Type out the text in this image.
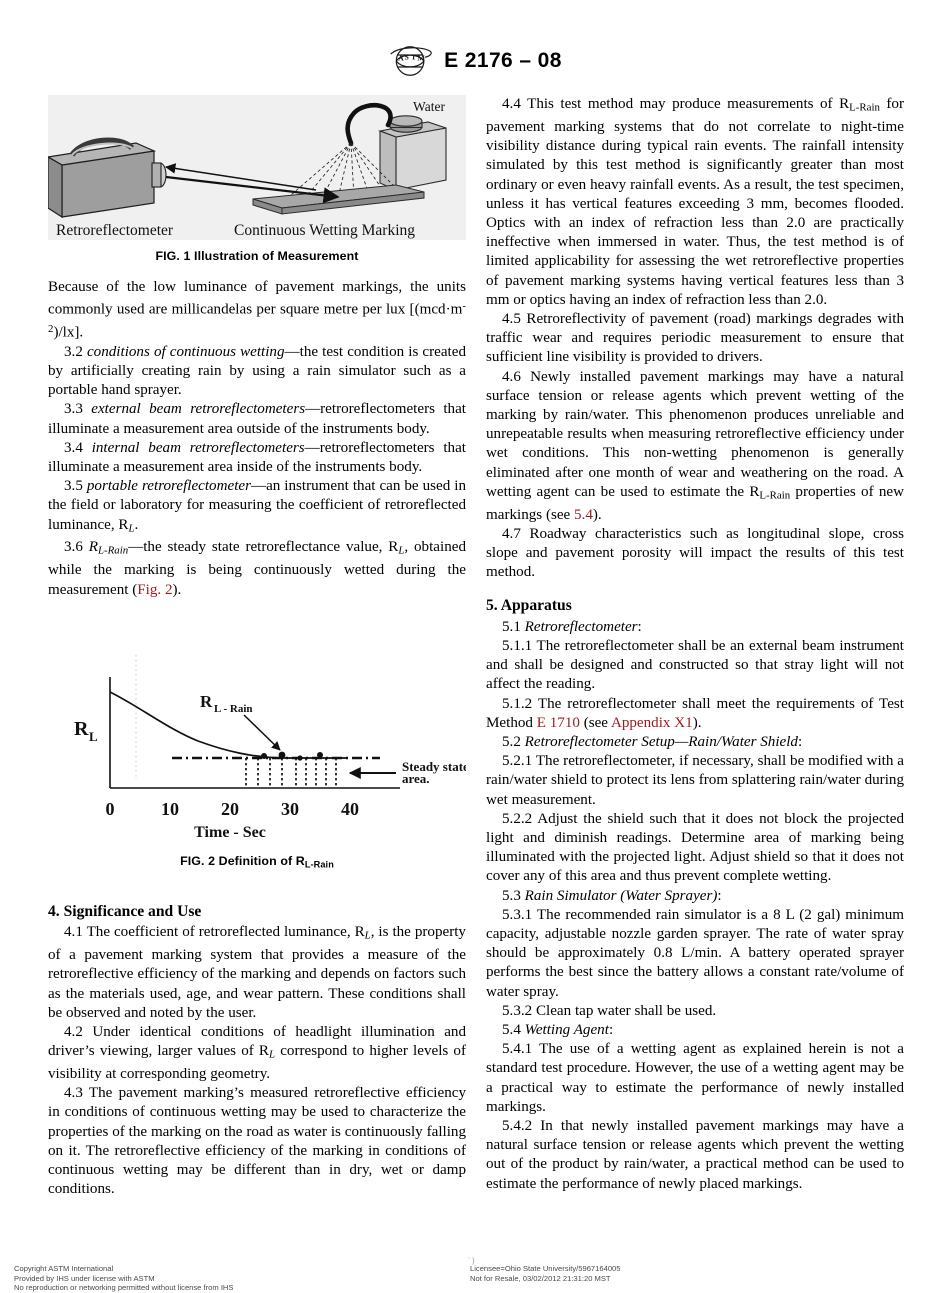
A S T M E 2176 – 08
Water
Retroreflectometer	Continuous Wetting Marking
FIG. 1 Illustration of Measurement

Because of the low luminance of pavement markings, the units commonly used are millicandelas per square metre per lux $[(mcd\cdot m^{-2})/lx]$.

3.2 conditions of continuous wetting—the test condition is created by artificially creating rain by using a rain simulator such as a portable hand sprayer.

3.3 external beam retroreflectometers—retroreflectometers that illuminate a measurement area outside of the instruments body.

3.4 internal beam retroreflectometers—retroreflectometers that illuminate a measurement area inside of the instruments body.

3.5 portable retroreflectometer—an instrument that can be used in the field or laboratory for measuring the coefficient of retroreflected luminance, $R_L$.

3.6 $R_{L-Rain}—the$ steady state retroreflectance value, $R_L$, obtained while the marking is being continuously wetted during the measurement (Fig. 2).

R L - Rain
Steady state
area.
R L
0	10 20 30 40
Time - Sec
FIG. 2 Definition of $R_{L-Rain}$

4. Significance and Use

4.1 The coefficient of retroreflected luminance, $R_L$, is the property of a pavement marking system that provides a measure of the retroreflective efficiency of the marking and depends on factors such as the materials used, age, and wear pattern. These conditions shall be observed and noted by the user.

4.2 Under identical conditions of headlight illumination and driver’s viewing, larger values of $R_L$ correspond to higher levels of visibility at corresponding geometry.

4.3 The pavement marking’s measured retroreflective efficiency in conditions of continuous wetting may be used to characterize the properties of the marking on the road as water is continuously falling on it. The retroreflective efficiency of the marking in conditions of continuous wetting may be different than in dry, wet or damp conditions.

4.4 This test method may produce measurements of $R_{L-Rain}$ for pavement marking systems that do not correlate to night-time visibility distance during typical rain events. The rainfall intensity simulated by this test method is significantly greater than most ordinary or even heavy rainfall events. As a result, the test specimen, unless it has vertical features exceeding 3 mm, becomes flooded. Optics with an index of refraction less than 2.0 are practically ineffective when immersed in water. Thus, the test method is of limited applicability for assessing the wet retroreflective properties of pavement marking systems having vertical features less than 3 mm or optics having an index of refraction less than 2.0.

4.5 Retroreflectivity of pavement (road) markings degrades with traffic wear and requires periodic measurement to ensure that sufficient line visibility is provided to drivers.

4.6 Newly installed pavement markings may have a natural surface tension or release agents which prevent wetting of the marking by rain/water. This phenomenon produces unreliable and unrepeatable results when measuring retroreflective efficiency under wet conditions. This non-wetting phenomenon is generally eliminated after one month of wear and weathering on the road. A wetting agent can be used to estimate the $R_{L-Rain}$ properties of new markings (see 5.4).

4.7 Roadway characteristics such as longitudinal slope, cross slope and pavement porosity will impact the results of this test method.

5. Apparatus

5.1 Retroreflectometer:

5.1.1 The retroreflectometer shall be an external beam instrument and shall be designed and constructed so that stray light will not affect the reading.

5.1.2 The retroreflectometer shall meet the requirements of Test Method E 1710 (see Appendix X1).

5.2 Retroreflectometer Setup—Rain/Water Shield:

5.2.1 The retroreflectometer, if necessary, shall be modified with a rain/water shield to protect its lens from splattering rain/water during wet measurement.

5.2.2 Adjust the shield such that it does not block the projected light and diminish readings. Determine area of marking being illuminated with the projected light. Adjust shield so that it does not cover any of this area and thus prevent complete wetting.

5.3 Rain Simulator (Water Sprayer):

5.3.1 The recommended rain simulator is a 8 L (2 gal) minimum capacity, adjustable nozzle garden sprayer. The rate of water spray should be approximately 0.8 L/min. A battery operated sprayer performs the best since the battery allows a constant rate/volume of water spray.

5.3.2 Clean tap water shall be used.

5.4 Wetting Agent:

5.4.1 The use of a wetting agent as explained herein is not a standard test procedure. However, the use of a wetting agent may be a practical way to estimate the performance of newly installed markings.

5.4.2 In that newly installed pavement markings may have a natural surface tension or release agents which prevent the wetting out of the product by rain/water, a practical method can be used to estimate the performance of newly placed markings.

Copyright ASTM International
Provided by IHS under license with ASTM
No reproduction or networking permitted without license from IHS
` )
Licensee=Ohio State University/5967164005
Not for Resale, 03/02/2012 21:31:20 MST
